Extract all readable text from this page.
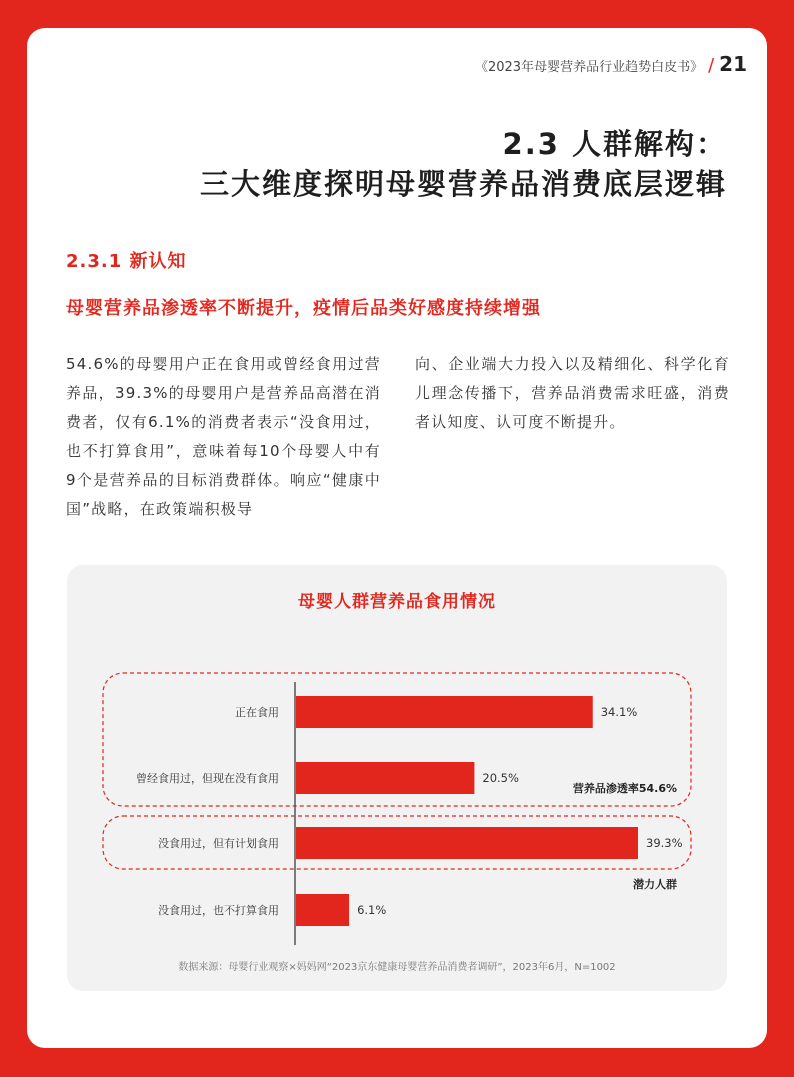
《2023年母婴营养品行业趋势白皮书》 / 21
2.3 人群解构：
三大维度探明母婴营养品消费底层逻辑
2.3.1 新认知
母婴营养品渗透率不断提升，疫情后品类好感度持续增强
54.6%的母婴用户正在食用或曾经食用过营养品，39.3%的母婴用户是营养品高潜在消费者，仅有6.1%的消费者表示“没食用过，也不打算食用”，意味着每10个母婴人中有9个是营养品的目标消费群体。响应“健康中国”战略，在政策端积极导
向、企业端大力投入以及精细化、科学化育儿理念传播下，营养品消费需求旺盛，消费者认知度、认可度不断提升。
母婴人群营养品食用情况
正在食用	34.1%
曾经食用过，但现在没有食用	20.5%
没食用过，但有计划食用	39.3%
没食用过，也不打算食用	6.1%
营养品渗透率54.6%
潜力人群
数据来源：母婴行业观察×妈妈网“2023京东健康母婴营养品消费者调研”，2023年6月，N=1002
